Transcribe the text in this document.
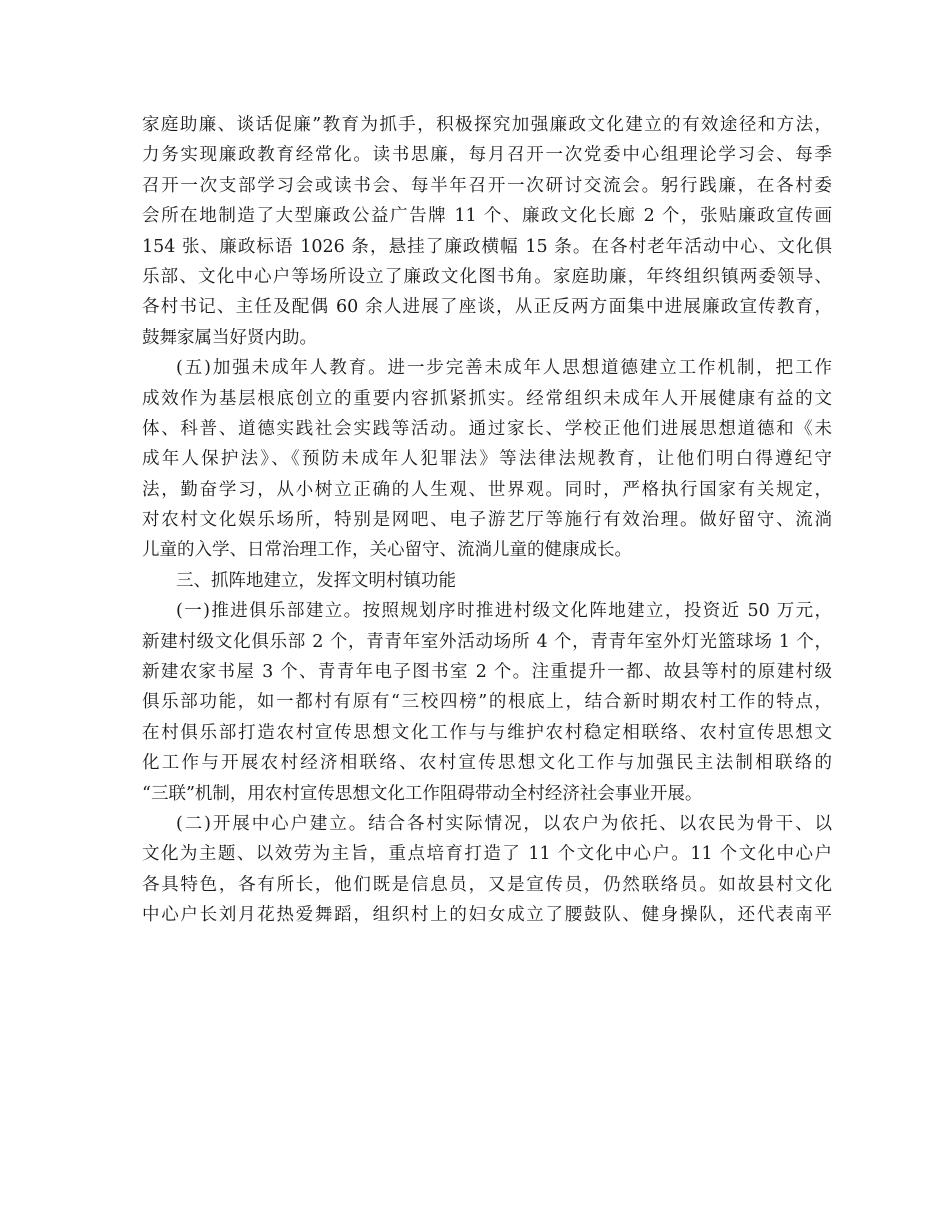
家庭助廉、谈话促廉”教育为抓手，积极探究加强廉政文化建立的有效途径和方法，
力务实现廉政教育经常化。读书思廉，每月召开一次党委中心组理论学习会、每季
召开一次支部学习会或读书会、每半年召开一次研讨交流会。躬行践廉，在各村委
会所在地制造了大型廉政公益广告牌 11 个、廉政文化长廊 2 个，张贴廉政宣传画
154 张、廉政标语 1026 条，悬挂了廉政横幅 15 条。在各村老年活动中心、文化俱
乐部、文化中心户等场所设立了廉政文化图书角。家庭助廉，年终组织镇两委领导、
各村书记、主任及配偶 60 余人进展了座谈，从正反两方面集中进展廉政宣传教育，
鼓舞家属当好贤内助。
(五)加强未成年人教育。进一步完善未成年人思想道德建立工作机制，把工作
成效作为基层根底创立的重要内容抓紧抓实。经常组织未成年人开展健康有益的文
体、科普、道德实践社会实践等活动。通过家长、学校正他们进展思想道德和《未
成年人保护法》、《预防未成年人犯罪法》等法律法规教育，让他们明白得遵纪守
法，勤奋学习，从小树立正确的人生观、世界观。同时，严格执行国家有关规定，
对农村文化娱乐场所，特别是网吧、电子游艺厅等施行有效治理。做好留守、流淌
儿童的入学、日常治理工作，关心留守、流淌儿童的健康成长。
三、抓阵地建立，发挥文明村镇功能
(一)推进俱乐部建立。按照规划序时推进村级文化阵地建立，投资近 50 万元，
新建村级文化俱乐部 2 个，青青年室外活动场所 4 个，青青年室外灯光篮球场 1 个，
新建农家书屋 3 个、青青年电子图书室 2 个。注重提升一都、故县等村的原建村级
俱乐部功能，如一都村有原有“三校四榜”的根底上，结合新时期农村工作的特点，
在村俱乐部打造农村宣传思想文化工作与与维护农村稳定相联络、农村宣传思想文
化工作与开展农村经济相联络、农村宣传思想文化工作与加强民主法制相联络的
“三联”机制，用农村宣传思想文化工作阻碍带动全村经济社会事业开展。
(二)开展中心户建立。结合各村实际情况，以农户为依托、以农民为骨干、以
文化为主题、以效劳为主旨，重点培育打造了 11 个文化中心户。11 个文化中心户
各具特色，各有所长，他们既是信息员，又是宣传员，仍然联络员。如故县村文化
中心户长刘月花热爱舞蹈，组织村上的妇女成立了腰鼓队、健身操队，还代表南平
